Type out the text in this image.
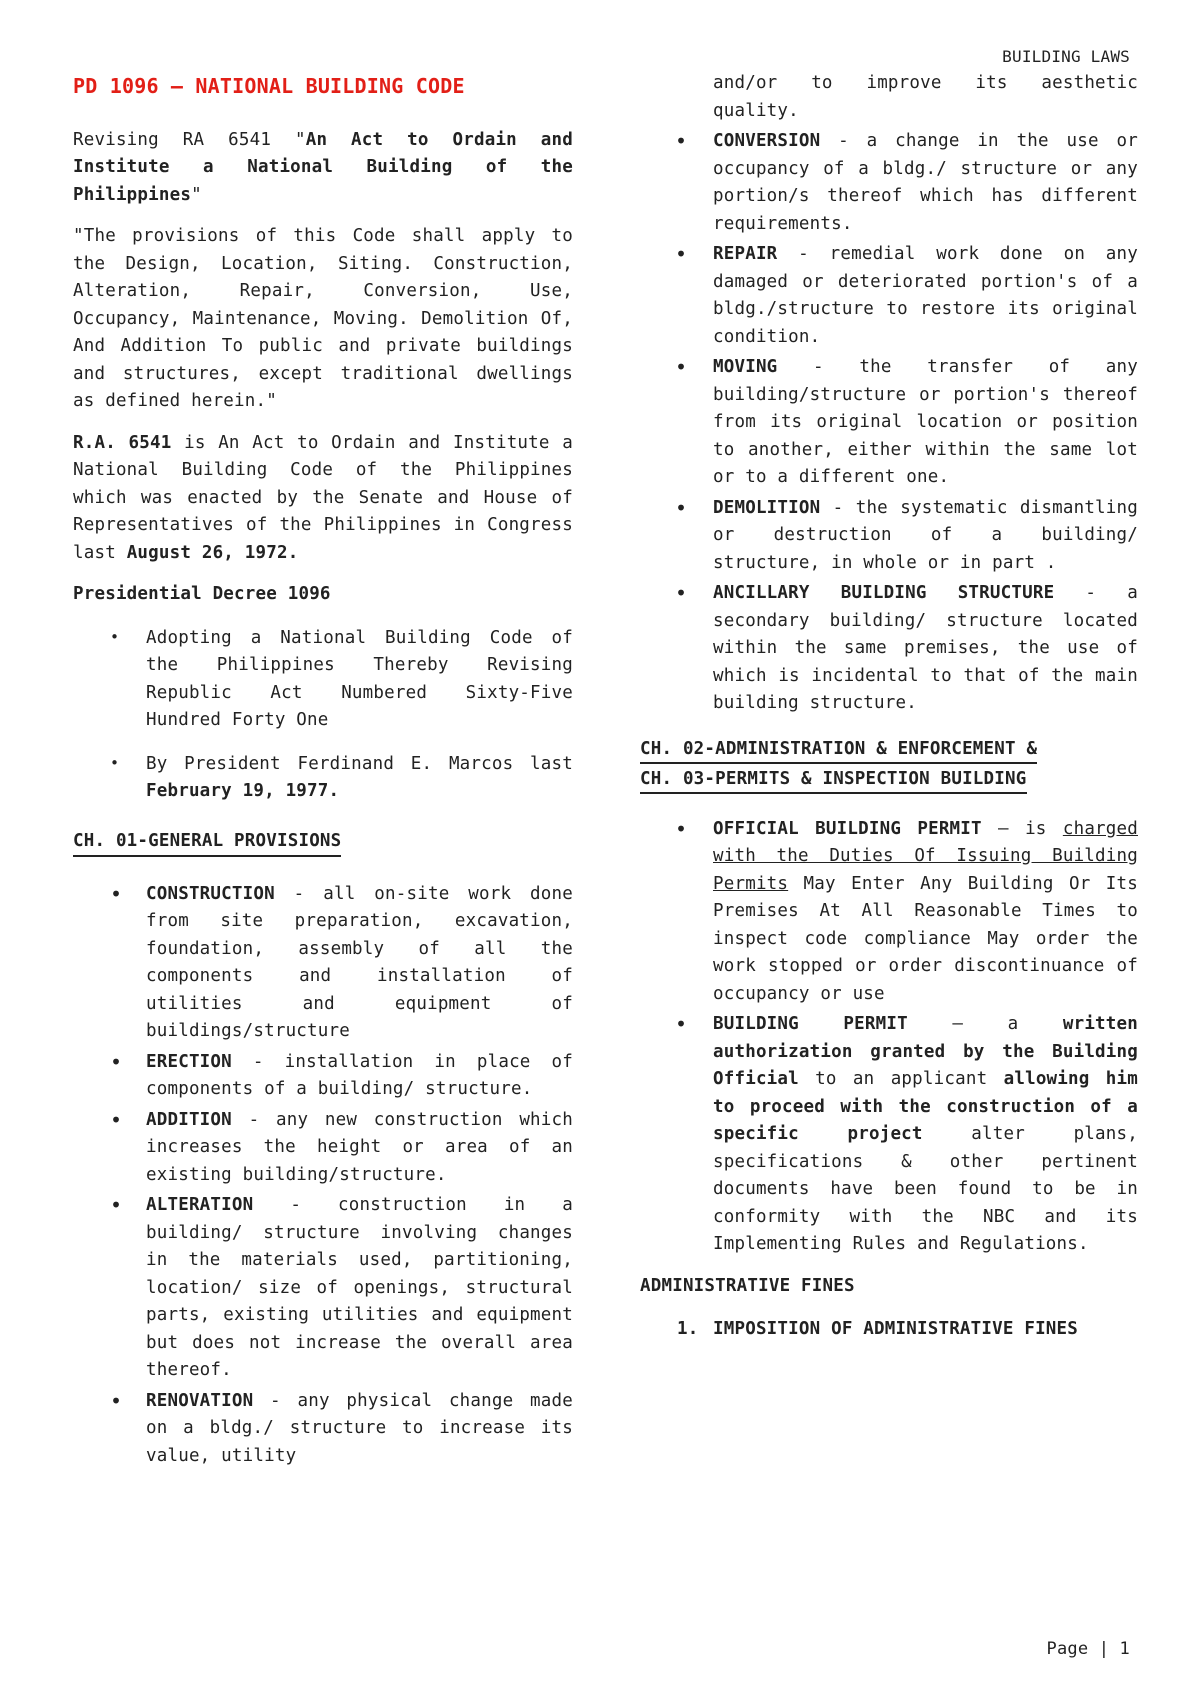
BUILDING LAWS
PD 1096 – NATIONAL BUILDING CODE

Revising RA 6541 "An Act to Ordain and Institute a National Building of the Philippines"

"The provisions of this Code shall apply to the Design, Location, Siting. Construction, Alteration, Repair, Conversion, Use, Occupancy, Maintenance, Moving. Demolition Of, And Addition To public and private buildings and structures, except traditional dwellings as defined herein."

R.A. 6541 is An Act to Ordain and Institute a National Building Code of the Philippines which was enacted by the Senate and House of Representatives of the Philippines in Congress last August 26, 1972.

Presidential Decree 1096
• Adopting a National Building Code of the Philippines Thereby Revising Republic Act Numbered Sixty-Five Hundred Forty One
• By President Ferdinand E. Marcos last February 19, 1977.
CH. 01-GENERAL PROVISIONS
• CONSTRUCTION - all on-site work done from site preparation, excavation, foundation, assembly of all the components and installation of utilities and equipment of buildings/structure
• ERECTION - installation in place of components of a building/ structure.
• ADDITION - any new construction which increases the height or area of an existing building/structure.
• ALTERATION - construction in a building/ structure involving changes in the materials used, partitioning, location/ size of openings, structural parts, existing utilities and equipment but does not increase the overall area thereof.
• RENOVATION - any physical change made on a bldg./ structure to increase its value, utility
and/or to improve its aesthetic quality.
• CONVERSION - a change in the use or occupancy of a bldg./ structure or any portion/s thereof which has different requirements.
• REPAIR - remedial work done on any damaged or deteriorated portion's of a bldg./structure to restore its original condition.
• MOVING - the transfer of any building/structure or portion's thereof from its original location or position to another, either within the same lot or to a different one.
• DEMOLITION - the systematic dismantling or destruction of a building/ structure, in whole or in part .
• ANCILLARY BUILDING STRUCTURE - a secondary building/ structure located within the same premises, the use of which is incidental to that of the main building structure.
CH. 02-ADMINISTRATION & ENFORCEMENT &
CH. 03-PERMITS & INSPECTION BUILDING
• OFFICIAL BUILDING PERMIT – is charged with the Duties Of Issuing Building Permits May Enter Any Building Or Its Premises At All Reasonable Times to inspect code compliance May order the work stopped or order discontinuance of occupancy or use
• BUILDING PERMIT – a written authorization granted by the Building Official to an applicant allowing him to proceed with the construction of a specific project alter plans, specifications & other pertinent documents have been found to be in conformity with the NBC and its Implementing Rules and Regulations.
ADMINISTRATIVE FINES
1. IMPOSITION OF ADMINISTRATIVE FINES
Page | 1
